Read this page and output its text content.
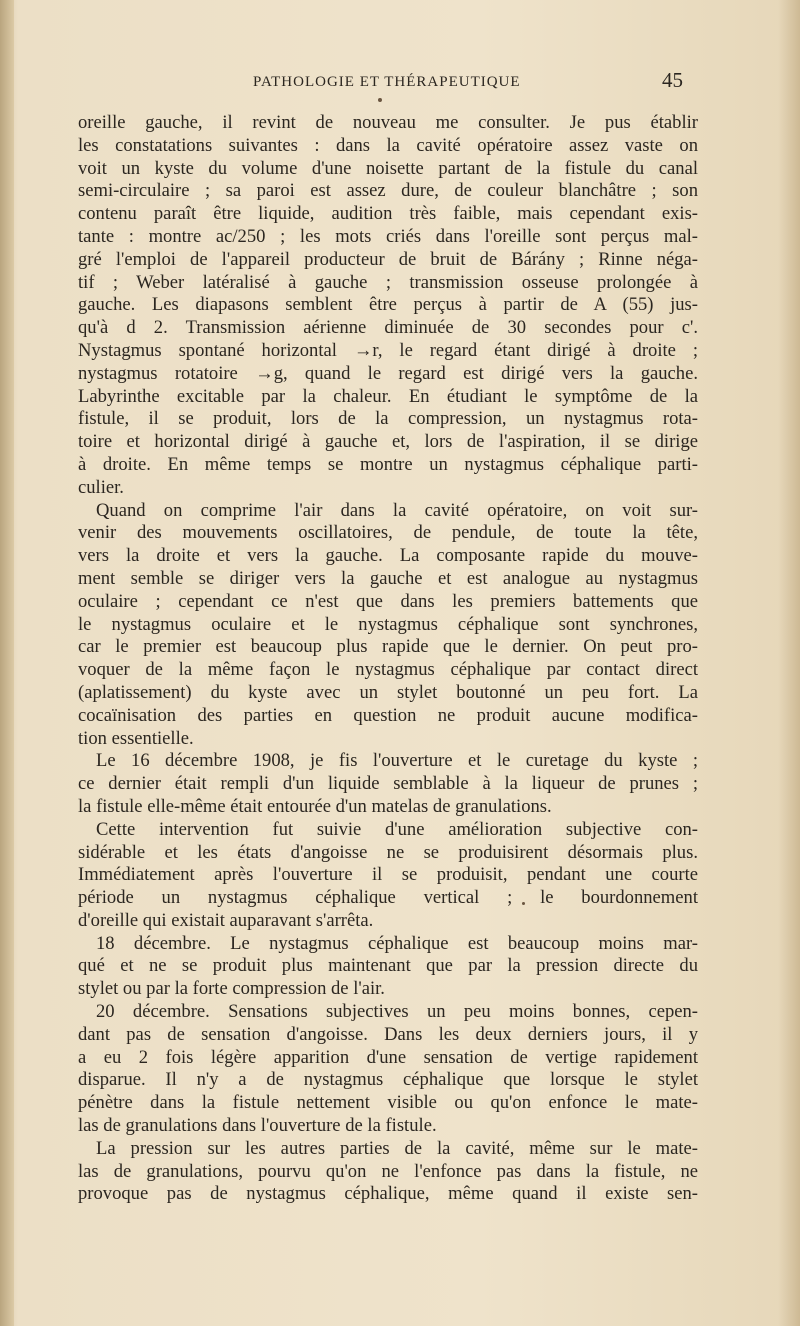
PATHOLOGIE ET THÉRAPEUTIQUE	45
oreille gauche, il revint de nouveau me consulter. Je pus établir
les constatations suivantes : dans la cavité opératoire assez vaste on
voit un kyste du volume d'une noisette partant de la fistule du canal
semi-circulaire ; sa paroi est assez dure, de couleur blanchâtre ; son
contenu paraît être liquide, audition très faible, mais cependant exis-
tante : montre ac/250 ; les mots criés dans l'oreille sont perçus mal-
gré l'emploi de l'appareil producteur de bruit de Bárány ; Rinne néga-
tif ; Weber latéralisé à gauche ; transmission osseuse prolongée à
gauche. Les diapasons semblent être perçus à partir de A (55) jus-
qu'à d 2. Transmission aérienne diminuée de 30 secondes pour c'.
Nystagmus spontané horizontal →r, le regard étant dirigé à droite ;
nystagmus rotatoire →g, quand le regard est dirigé vers la gauche.
Labyrinthe excitable par la chaleur. En étudiant le symptôme de la
fistule, il se produit, lors de la compression, un nystagmus rota-
toire et horizontal dirigé à gauche et, lors de l'aspiration, il se dirige
à droite. En même temps se montre un nystagmus céphalique parti-
culier.
Quand on comprime l'air dans la cavité opératoire, on voit sur-
venir des mouvements oscillatoires, de pendule, de toute la tête,
vers la droite et vers la gauche. La composante rapide du mouve-
ment semble se diriger vers la gauche et est analogue au nystagmus
oculaire ; cependant ce n'est que dans les premiers battements que
le nystagmus oculaire et le nystagmus céphalique sont synchrones,
car le premier est beaucoup plus rapide que le dernier. On peut pro-
voquer de la même façon le nystagmus céphalique par contact direct
(aplatissement) du kyste avec un stylet boutonné un peu fort. La
cocaïnisation des parties en question ne produit aucune modifica-
tion essentielle.
Le 16 décembre 1908, je fis l'ouverture et le curetage du kyste ;
ce dernier était rempli d'un liquide semblable à la liqueur de prunes ;
la fistule elle-même était entourée d'un matelas de granulations.
Cette intervention fut suivie d'une amélioration subjective con-
sidérable et les états d'angoisse ne se produisirent désormais plus.
Immédiatement après l'ouverture il se produisit, pendant une courte
période un nystagmus céphalique vertical ; le bourdonnement
d'oreille qui existait auparavant s'arrêta.
18 décembre. Le nystagmus céphalique est beaucoup moins mar-
qué et ne se produit plus maintenant que par la pression directe du
stylet ou par la forte compression de l'air.
20 décembre. Sensations subjectives un peu moins bonnes, cepen-
dant pas de sensation d'angoisse. Dans les deux derniers jours, il y
a eu 2 fois légère apparition d'une sensation de vertige rapidement
disparue. Il n'y a de nystagmus céphalique que lorsque le stylet
pénètre dans la fistule nettement visible ou qu'on enfonce le mate-
las de granulations dans l'ouverture de la fistule.
La pression sur les autres parties de la cavité, même sur le mate-
las de granulations, pourvu qu'on ne l'enfonce pas dans la fistule, ne
provoque pas de nystagmus céphalique, même quand il existe sen-
